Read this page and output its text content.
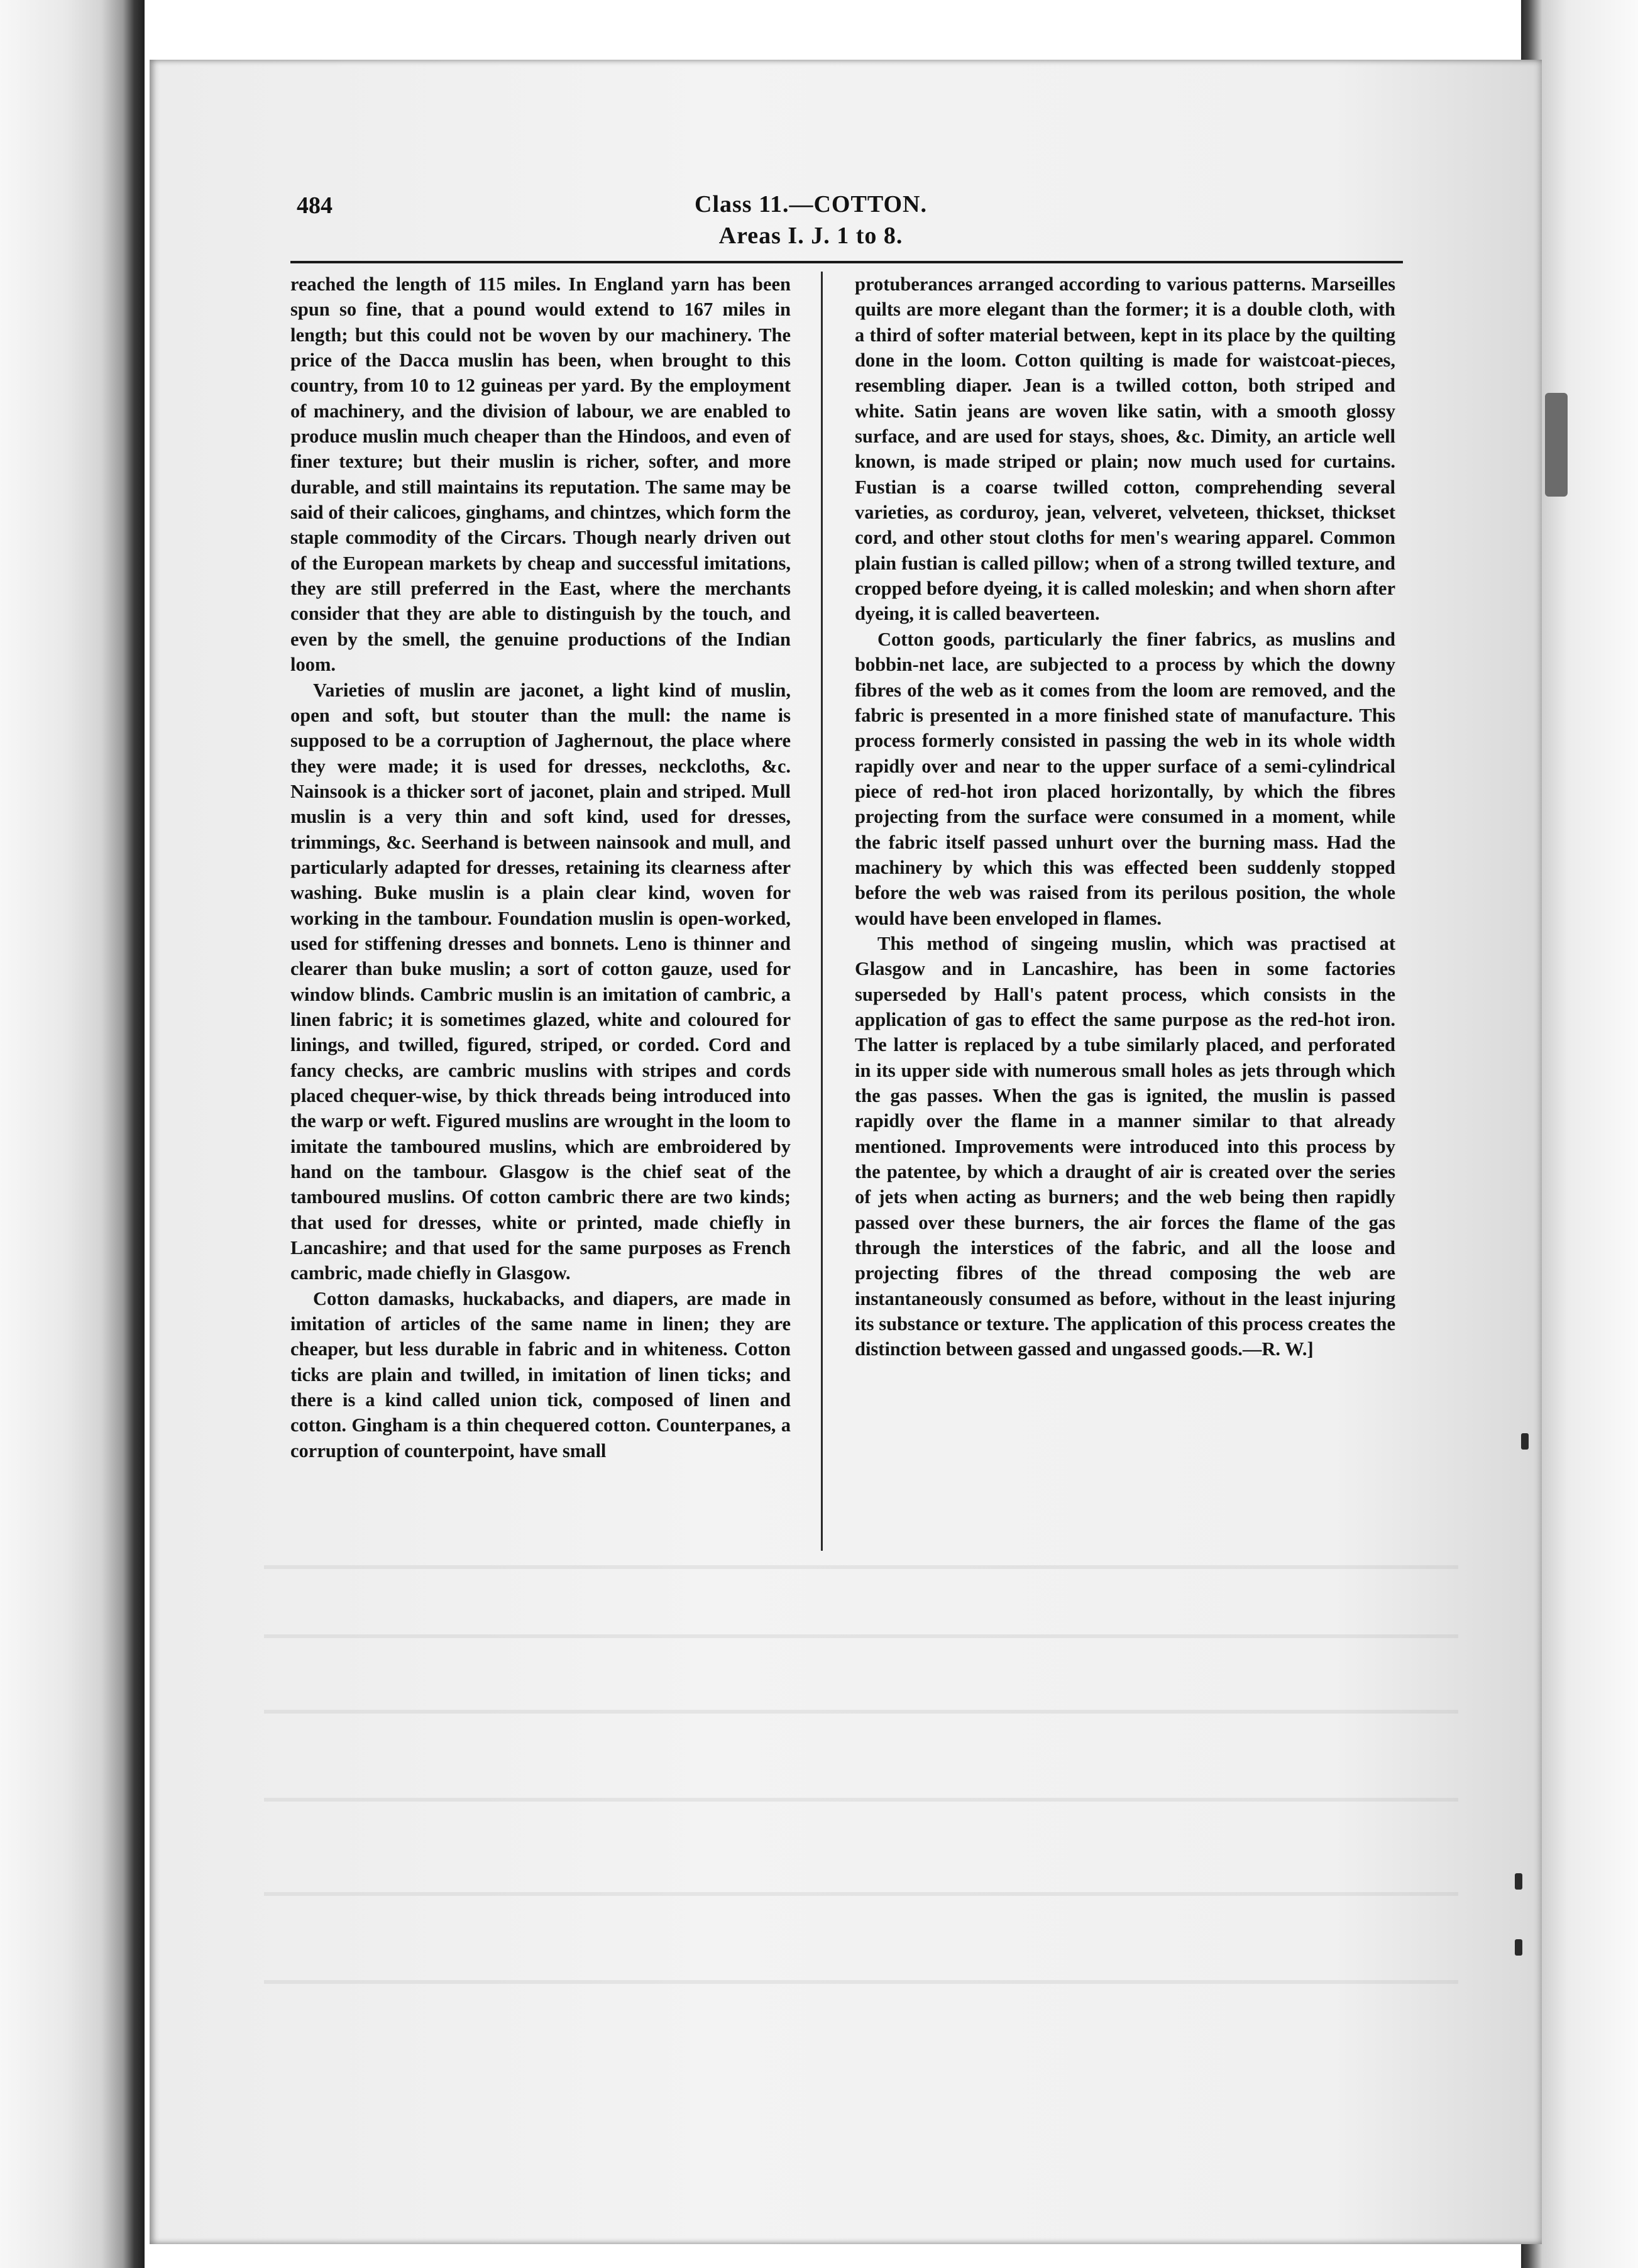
484	Class 11.—COTTON.
Areas I. J. 1 to 8.

reached the length of 115 miles. In England yarn has been spun so fine, that a pound would extend to 167 miles in length; but this could not be woven by our machinery. The price of the Dacca muslin has been, when brought to this country, from 10 to 12 guineas per yard. By the employment of machinery, and the division of labour, we are enabled to produce muslin much cheaper than the Hindoos, and even of finer texture; but their muslin is richer, softer, and more durable, and still maintains its reputation. The same may be said of their calicoes, ginghams, and chintzes, which form the staple commodity of the Circars. Though nearly driven out of the European markets by cheap and successful imitations, they are still preferred in the East, where the merchants consider that they are able to distinguish by the touch, and even by the smell, the genuine productions of the Indian loom.

Varieties of muslin are jaconet, a light kind of muslin, open and soft, but stouter than the mull: the name is supposed to be a corruption of Jaghernout, the place where they were made; it is used for dresses, neckcloths, &c. Nainsook is a thicker sort of jaconet, plain and striped. Mull muslin is a very thin and soft kind, used for dresses, trimmings, &c. Seerhand is between nainsook and mull, and particularly adapted for dresses, retaining its clearness after washing. Buke muslin is a plain clear kind, woven for working in the tambour. Foundation muslin is open-worked, used for stiffening dresses and bonnets. Leno is thinner and clearer than buke muslin; a sort of cotton gauze, used for window blinds. Cambric muslin is an imitation of cambric, a linen fabric; it is sometimes glazed, white and coloured for linings, and twilled, figured, striped, or corded. Cord and fancy checks, are cambric muslins with stripes and cords placed chequer-wise, by thick threads being introduced into the warp or weft. Figured muslins are wrought in the loom to imitate the tamboured muslins, which are embroidered by hand on the tambour. Glasgow is the chief seat of the tamboured muslins. Of cotton cambric there are two kinds; that used for dresses, white or printed, made chiefly in Lancashire; and that used for the same purposes as French cambric, made chiefly in Glasgow.

Cotton damasks, huckabacks, and diapers, are made in imitation of articles of the same name in linen; they are cheaper, but less durable in fabric and in whiteness. Cotton ticks are plain and twilled, in imitation of linen ticks; and there is a kind called union tick, composed of linen and cotton. Gingham is a thin chequered cotton. Counterpanes, a corruption of counterpoint, have small

protuberances arranged according to various patterns. Marseilles quilts are more elegant than the former; it is a double cloth, with a third of softer material between, kept in its place by the quilting done in the loom. Cotton quilting is made for waistcoat-pieces, resembling diaper. Jean is a twilled cotton, both striped and white. Satin jeans are woven like satin, with a smooth glossy surface, and are used for stays, shoes, &c. Dimity, an article well known, is made striped or plain; now much used for curtains. Fustian is a coarse twilled cotton, comprehending several varieties, as corduroy, jean, velveret, velveteen, thickset, thickset cord, and other stout cloths for men's wearing apparel. Common plain fustian is called pillow; when of a strong twilled texture, and cropped before dyeing, it is called moleskin; and when shorn after dyeing, it is called beaverteen.

Cotton goods, particularly the finer fabrics, as muslins and bobbin-net lace, are subjected to a process by which the downy fibres of the web as it comes from the loom are removed, and the fabric is presented in a more finished state of manufacture. This process formerly consisted in passing the web in its whole width rapidly over and near to the upper surface of a semi-cylindrical piece of red-hot iron placed horizontally, by which the fibres projecting from the surface were consumed in a moment, while the fabric itself passed unhurt over the burning mass. Had the machinery by which this was effected been suddenly stopped before the web was raised from its perilous position, the whole would have been enveloped in flames.

This method of singeing muslin, which was practised at Glasgow and in Lancashire, has been in some factories superseded by Hall's patent process, which consists in the application of gas to effect the same purpose as the red-hot iron. The latter is replaced by a tube similarly placed, and perforated in its upper side with numerous small holes as jets through which the gas passes. When the gas is ignited, the muslin is passed rapidly over the flame in a manner similar to that already mentioned. Improvements were introduced into this process by the patentee, by which a draught of air is created over the series of jets when acting as burners; and the web being then rapidly passed over these burners, the air forces the flame of the gas through the interstices of the fabric, and all the loose and projecting fibres of the thread composing the web are instantaneously consumed as before, without in the least injuring its substance or texture. The application of this process creates the distinction between gassed and ungassed goods.—R. W.]
